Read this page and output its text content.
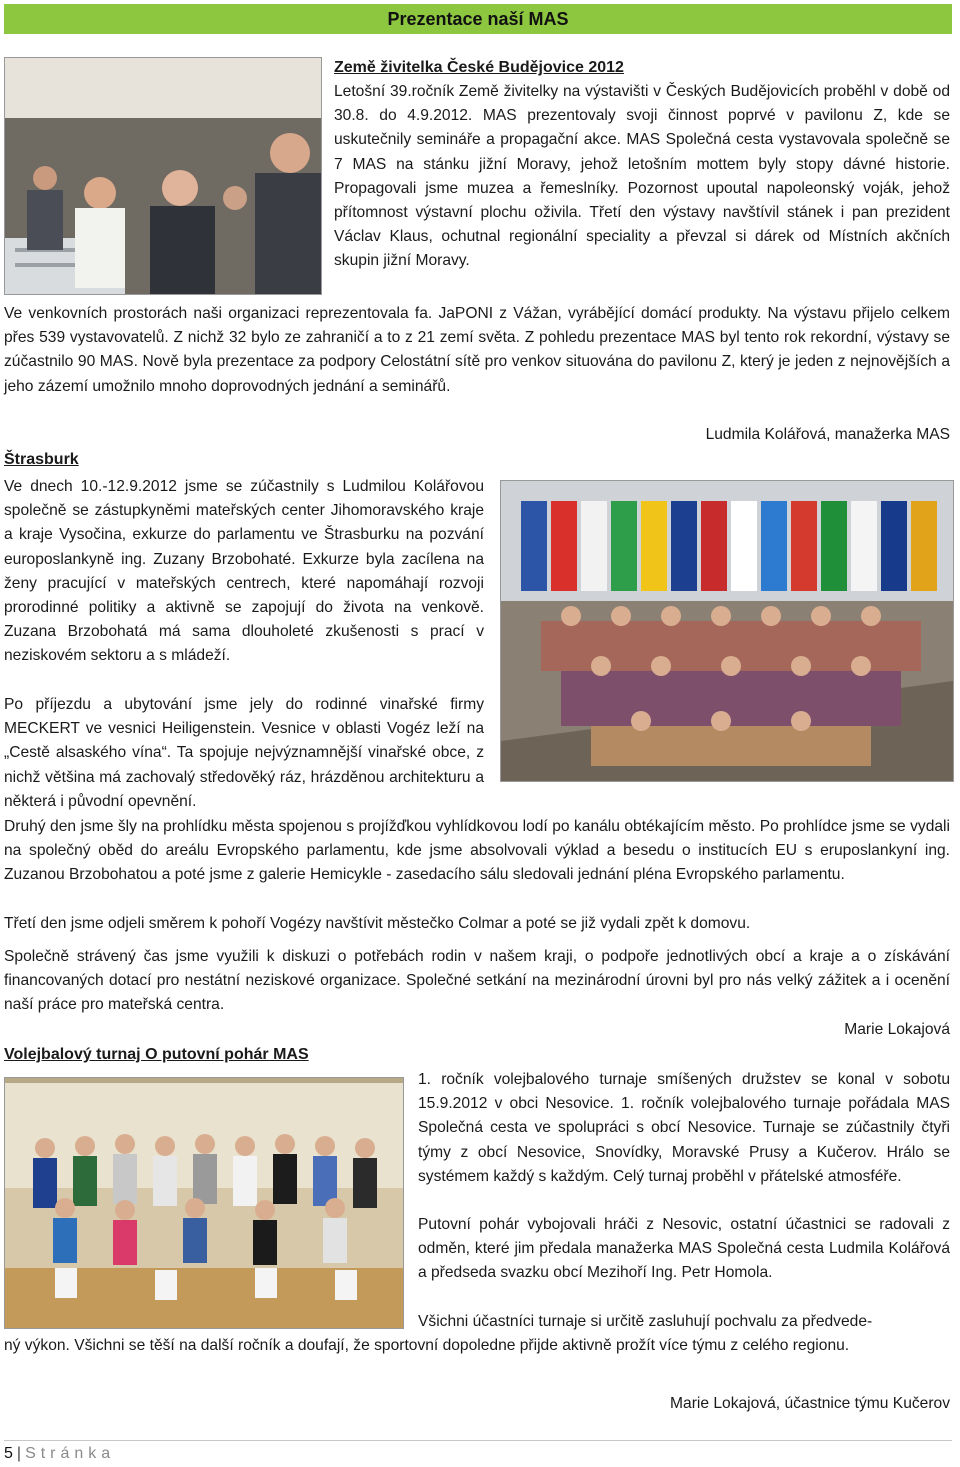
Prezentace naší MAS
Země živitelka České Budějovice 2012

Letošní 39.ročník Země živitelky na výstavišti v Českých Budějovicích proběhl v době od 30.8. do 4.9.2012. MAS prezentovaly svoji činnost poprvé v pavilonu Z, kde se uskutečnily semináře a propagační akce. MAS Společná cesta vystavovala společně se 7 MAS na stánku jižní Moravy, jehož letošním mottem byly stopy dávné historie. Propagovali jsme muzea a řemeslníky. Pozornost upoutal napoleonský voják, jehož přítomnost výstavní plochu oživila. Třetí den výstavy navštívil stánek i pan prezident Václav Klaus, ochutnal regionální speciality a převzal si dárek od Místních akčních skupin jižní Moravy.

Ve venkovních prostorách naši organizaci reprezentovala fa. JaPONI z Vážan, vyrábějící domácí produkty. Na výstavu přijelo celkem přes 539 vystavovatelů. Z nichž 32 bylo ze zahraničí a to z 21 zemí světa. Z pohledu prezentace MAS byl tento rok rekordní, výstavy se zúčastnilo 90 MAS. Nově byla prezentace za podpory Celostátní sítě pro venkov situována do pavilonu Z, který je jeden z nejnovějších a jeho zázemí umožnilo mnoho doprovodných jednání a seminářů.

Ludmila Kolářová, manažerka MAS

Štrasburk

Ve dnech 10.-12.9.2012 jsme se zúčastnily s Ludmilou Kolářovou společně se zástupkyněmi mateřských center Jihomoravského kraje a kraje Vysočina, exkurze do parlamentu ve Štrasburku na pozvání europoslankyně ing. Zuzany Brzobohaté. Exkurze byla zacílena na ženy pracující v mateřských centrech, které napomáhají rozvoji prorodinné politiky a aktivně se zapojují do života na venkově. Zuzana Brzobohatá má sama dlouholeté zkušenosti s prací v neziskovém sektoru a s mládeží.

Po příjezdu a ubytování jsme jely do rodinné vinařské firmy MECKERT ve vesnici Heiligenstein. Vesnice v oblasti Vogéz leží na „Cestě alsaského vína“. Ta spojuje nejvýznamnější vinařské obce, z nichž většina má zachovalý středověký ráz, hrázděnou architekturu a některá i původní opevnění.

Druhý den jsme šly na prohlídku města spojenou s projížďkou vyhlídkovou lodí po kanálu obtékajícím město. Po prohlídce jsme se vydali na společný oběd do areálu Evropského parlamentu, kde jsme absolvovali výklad a besedu o institucích EU s eruposlankyní ing. Zuzanou Brzobohatou a poté jsme z galerie Hemicykle - zasedacího sálu sledovali jednání pléna Evropského parlamentu.

Třetí den jsme odjeli směrem k pohoří Vogézy navštívit městečko Colmar a poté se již vydali zpět k domovu.

Společně strávený čas jsme využili k diskuzi o potřebách rodin v našem kraji, o podpoře jednotlivých obcí a kraje a o získávání financovaných dotací pro nestátní neziskové organizace. Společné setkání na mezinárodní úrovni byl pro nás velký zážitek a i ocenění naší práce pro mateřská centra.

Marie Lokajová

Volejbalový turnaj O putovní pohár MAS

1. ročník volejbalového turnaje smíšených družstev se konal v sobotu 15.9.2012 v obci Nesovice. 1. ročník volejbalového turnaje pořádala MAS Společná cesta ve spolupráci s obcí Nesovice. Turnaje se zúčastnily čtyři týmy z obcí Nesovice, Snovídky, Moravské Prusy a Kučerov. Hrálo se systémem každý s každým. Celý turnaj proběhl v přátelské atmosféře.

Putovní pohár vybojovali hráči z Nesovic, ostatní účastnici se radovali z odměn, které jim předala manažerka MAS Společná cesta Ludmila Kolářová a předseda svazku obcí Mezihoří Ing. Petr Homola.

Všichni účastníci turnaje si určitě zasluhují pochvalu za předvede-

ný výkon. Všichni se těší na další ročník a doufají, že sportovní dopoledne přijde aktivně prožít více týmu z celého regionu.

Marie Lokajová, účastnice týmu Kučerov

5 | Stránka
